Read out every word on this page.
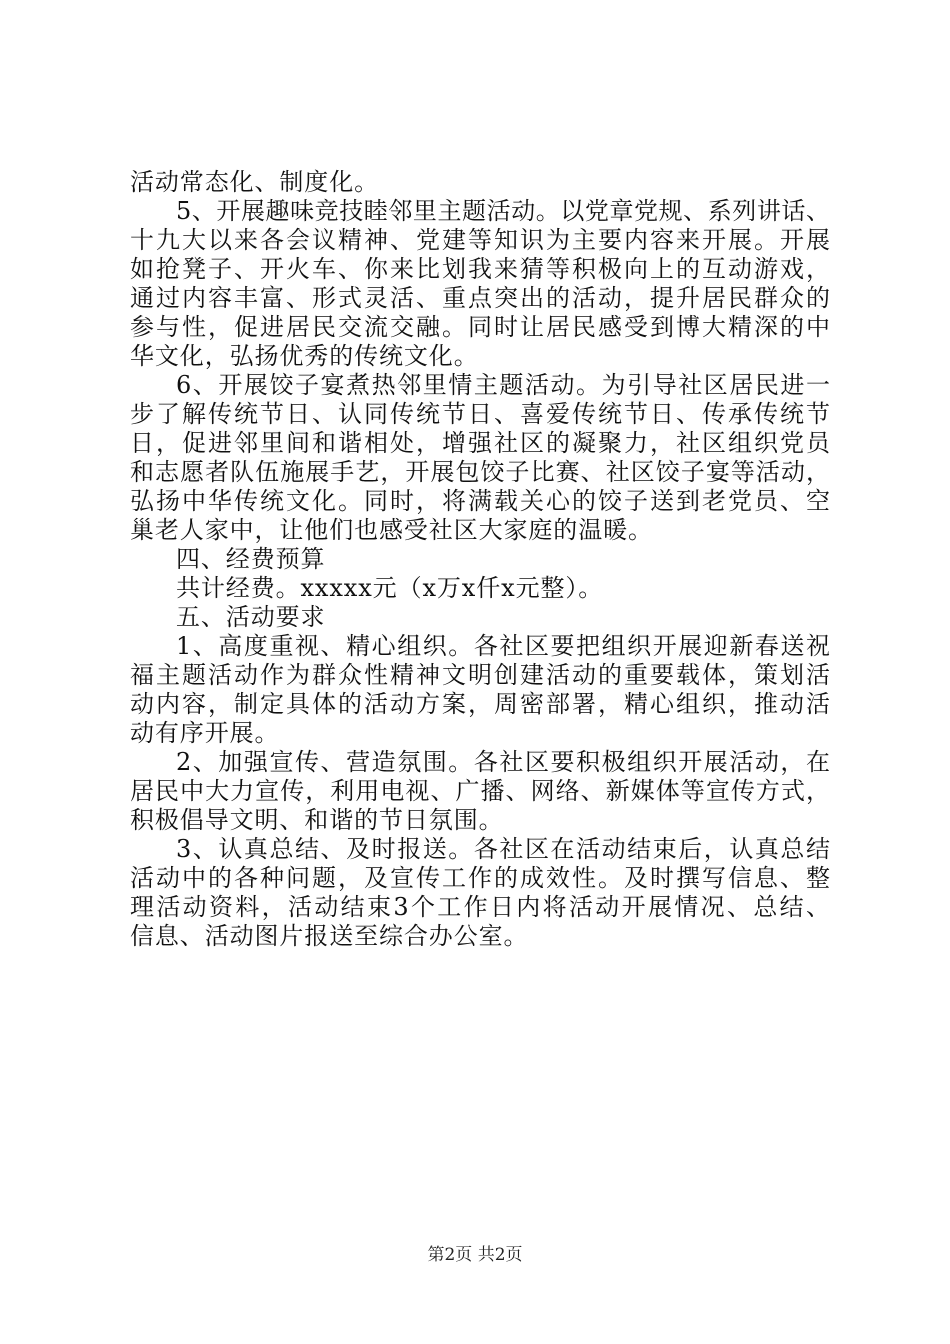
活动常态化、制度化。
5、开展趣味竞技睦邻里主题活动。以党章党规、系列讲话、
十九大以来各会议精神、党建等知识为主要内容来开展。开展
如抢凳子、开火车、你来比划我来猜等积极向上的互动游戏，
通过内容丰富、形式灵活、重点突出的活动，提升居民群众的
参与性，促进居民交流交融。同时让居民感受到博大精深的中
华文化，弘扬优秀的传统文化。
6、开展饺子宴煮热邻里情主题活动。为引导社区居民进一
步了解传统节日、认同传统节日、喜爱传统节日、传承传统节
日，促进邻里间和谐相处，增强社区的凝聚力，社区组织党员
和志愿者队伍施展手艺，开展包饺子比赛、社区饺子宴等活动，
弘扬中华传统文化。同时，将满载关心的饺子送到老党员、空
巢老人家中，让他们也感受社区大家庭的温暖。
四、经费预算
共计经费。xxxxx元（x万x仟x元整）。
五、活动要求
1、高度重视、精心组织。各社区要把组织开展迎新春送祝
福主题活动作为群众性精神文明创建活动的重要载体，策划活
动内容，制定具体的活动方案，周密部署，精心组织，推动活
动有序开展。
2、加强宣传、营造氛围。各社区要积极组织开展活动，在
居民中大力宣传，利用电视、广播、网络、新媒体等宣传方式，
积极倡导文明、和谐的节日氛围。
3、认真总结、及时报送。各社区在活动结束后，认真总结
活动中的各种问题，及宣传工作的成效性。及时撰写信息、整
理活动资料，活动结束3个工作日内将活动开展情况、总结、
信息、活动图片报送至综合办公室。
第2页 共2页
